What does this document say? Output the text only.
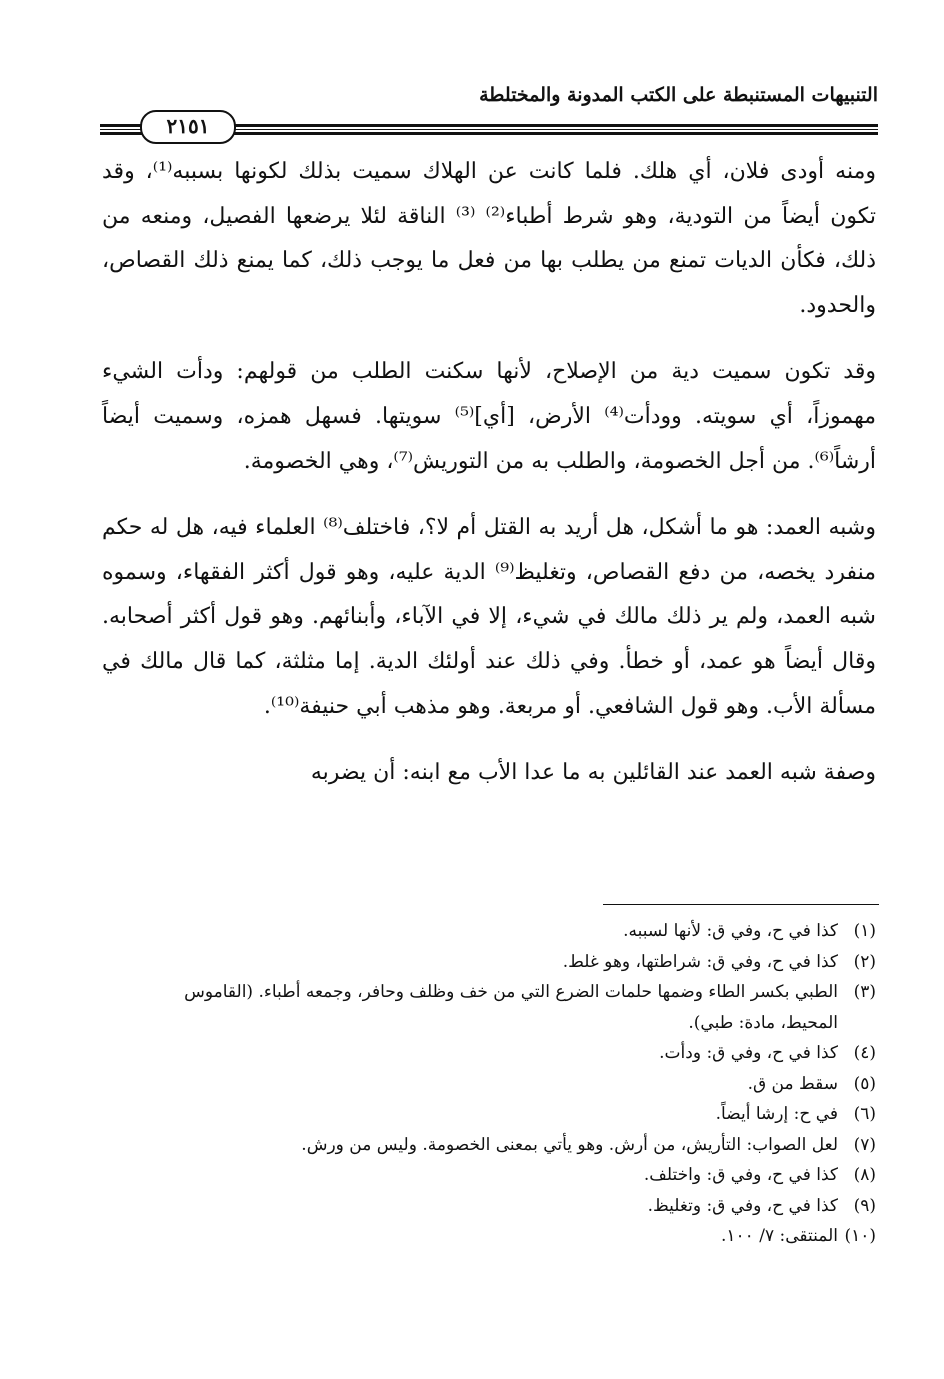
التنبيهات المستنبطة على الكتب المدونة والمختلطة
٢١٥١

ومنه أودى فلان، أي هلك. فلما كانت عن الهلاك سميت بذلك لكونها بسببه⁽¹⁾، وقد تكون أيضاً من التودية، وهو شرط أطباء⁽²⁾ ⁽³⁾ الناقة لئلا يرضعها الفصيل، ومنعه من ذلك، فكأن الديات تمنع من يطلب بها من فعل ما يوجب ذلك، كما يمنع ذلك القصاص، والحدود.

وقد تكون سميت دية من الإصلاح، لأنها سكنت الطلب من قولهم: ودأت الشيء مهموزاً، أي سويته. وودأت⁽⁴⁾ الأرض، [أي]⁽⁵⁾ سويتها. فسهل همزه، وسميت أيضاً أرشاً⁽⁶⁾. من أجل الخصومة، والطلب به من التوريش⁽⁷⁾، وهي الخصومة.

وشبه العمد: هو ما أشكل، هل أريد به القتل أم لا؟، فاختلف⁽⁸⁾ العلماء فيه، هل له حكم منفرد يخصه، من دفع القصاص، وتغليظ⁽⁹⁾ الدية عليه، وهو قول أكثر الفقهاء، وسموه شبه العمد، ولم ير ذلك مالك في شيء، إلا في الآباء، وأبنائهم. وهو قول أكثر أصحابه. وقال أيضاً هو عمد، أو خطأ. وفي ذلك عند أولئك الدية. إما مثلثة، كما قال مالك في مسألة الأب. وهو قول الشافعي. أو مربعة. وهو مذهب أبي حنيفة⁽¹⁰⁾.

وصفة شبه العمد عند القائلين به ما عدا الأب مع ابنه: أن يضربه

(١)
كذا في ح، وفي ق: لأنها لسببه.
(٢)
كذا في ح، وفي ق: شراطتها، وهو غلط.
(٣)
الطبي بكسر الطاء وضمها حلمات الضرع التي من خف وظلف وحافر، وجمعه أطباء. (القاموس المحيط، مادة: طبي).
(٤)
كذا في ح، وفي ق: ودأت.
(٥)
سقط من ق.
(٦)
في ح: إرشا أيضاً.
(٧)
لعل الصواب: التأريش، من أرش. وهو يأتي بمعنى الخصومة. وليس من ورش.
(٨)
كذا في ح، وفي ق: واختلف.
(٩)
كذا في ح، وفي ق: وتغليظ.
(١٠)
المنتقى: ٧/ ١٠٠.
